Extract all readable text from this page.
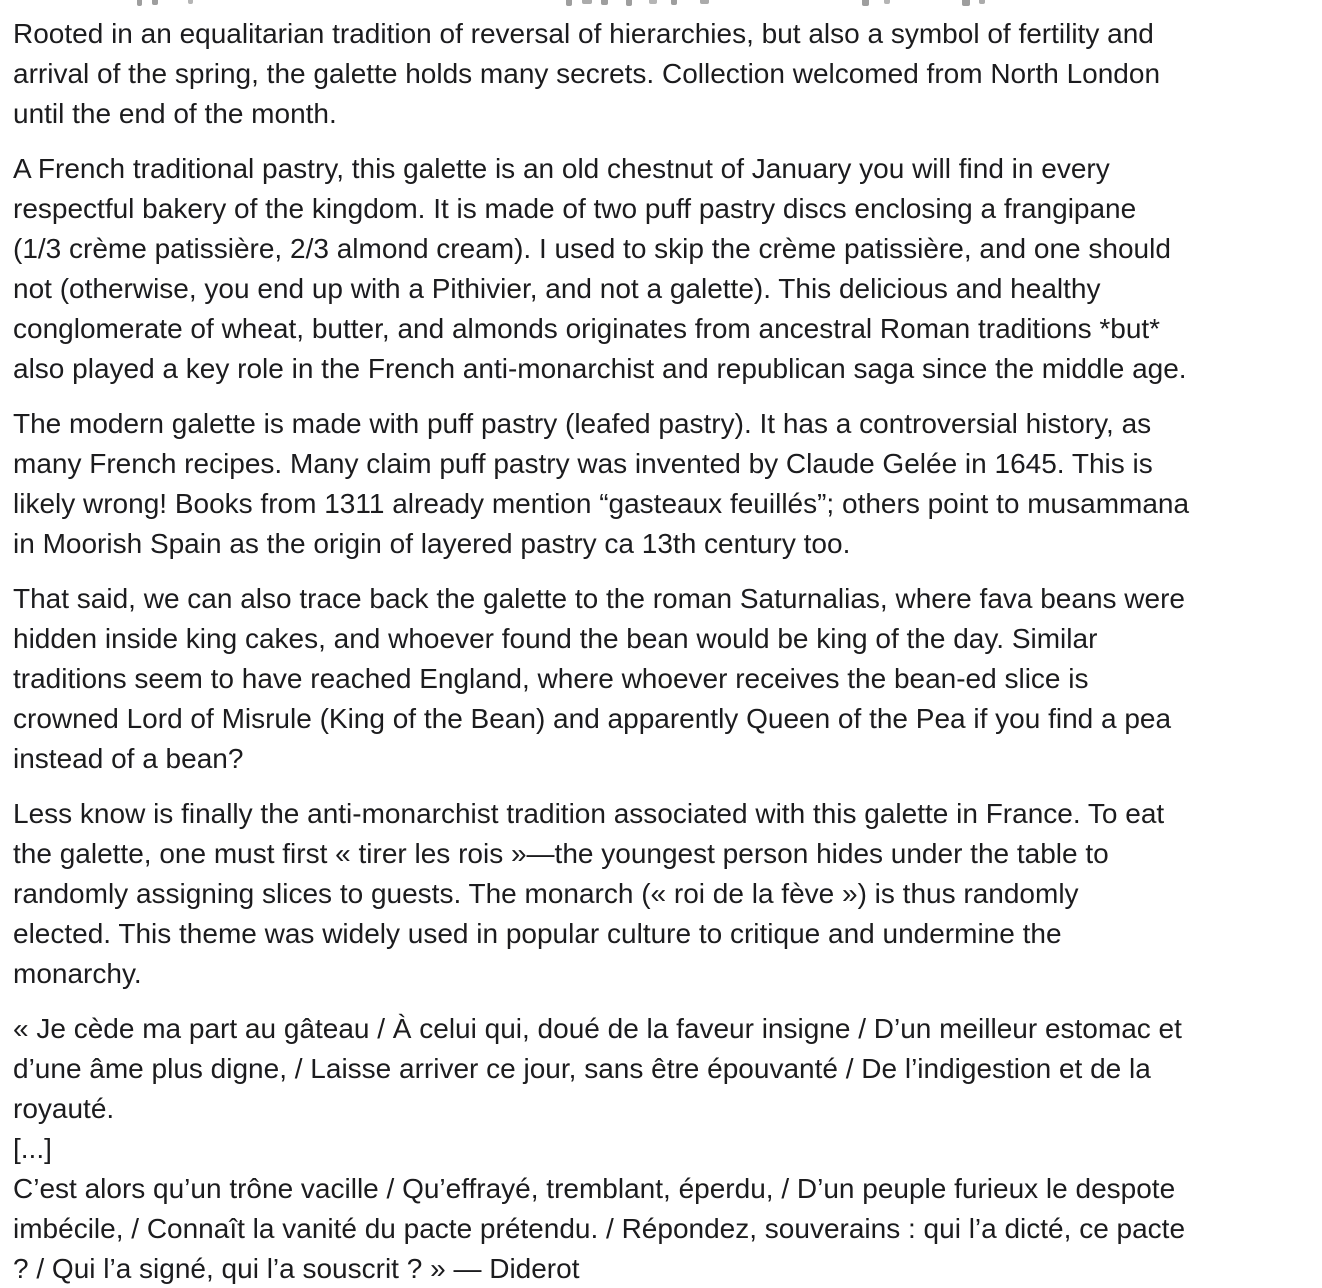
Rooted in an equalitarian tradition of reversal of hierarchies, but also a symbol of fertility and
arrival of the spring, the galette holds many secrets. Collection welcomed from North London
until the end of the month.

A French traditional pastry, this galette is an old chestnut of January you will find in every
respectful bakery of the kingdom. It is made of two puff pastry discs enclosing a frangipane
(1/3 crème patissière, 2/3 almond cream). I used to skip the crème patissière, and one should
not (otherwise, you end up with a Pithivier, and not a galette). This delicious and healthy
conglomerate of wheat, butter, and almonds originates from ancestral Roman traditions *but*
also played a key role in the French anti-monarchist and republican saga since the middle age.

The modern galette is made with puff pastry (leafed pastry). It has a controversial history, as
many French recipes. Many claim puff pastry was invented by Claude Gelée in 1645. This is
likely wrong! Books from 1311 already mention “gasteaux feuillés”; others point to musammana
in Moorish Spain as the origin of layered pastry ca 13th century too.

That said, we can also trace back the galette to the roman Saturnalias, where fava beans were
hidden inside king cakes, and whoever found the bean would be king of the day. Similar
traditions seem to have reached England, where whoever receives the bean-ed slice is
crowned Lord of Misrule (King of the Bean) and apparently Queen of the Pea if you find a pea
instead of a bean?

Less know is finally the anti-monarchist tradition associated with this galette in France. To eat
the galette, one must first « tirer les rois »—the youngest person hides under the table to
randomly assigning slices to guests. The monarch (« roi de la fève ») is thus randomly
elected. This theme was widely used in popular culture to critique and undermine the
monarchy.

« Je cède ma part au gâteau / À celui qui, doué de la faveur insigne / D’un meilleur estomac et
d’une âme plus digne, / Laisse arriver ce jour, sans être épouvanté / De l’indigestion et de la
royauté.
[...]
C’est alors qu’un trône vacille / Qu’effrayé, tremblant, éperdu, / D’un peuple furieux le despote
imbécile, / Connaît la vanité du pacte prétendu. / Répondez, souverains : qui l’a dicté, ce pacte
? / Qui l’a signé, qui l’a souscrit ? » — Diderot
